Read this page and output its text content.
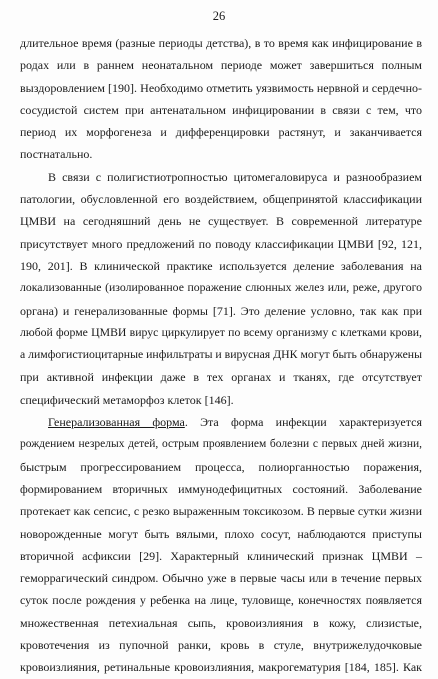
26
длительное время (разные периоды детства), в то время как инфицирование в
родах или в раннем неонатальном периоде может завершиться полным
выздоровлением [190]. Необходимо отметить уязвимость нервной и сердечно-
сосудистой систем при антенатальном инфицировании в связи с тем, что
период их морфогенеза и дифференцировки растянут, и заканчивается
постнатально.
В связи с полигистиотропностью цитомегаловируса и разнообразием
патологии, обусловленной его воздействием, общепринятой классификации
ЦМВИ на сегодняшний день не существует. В современной литературе
присутствует много предложений по поводу классификации ЦМВИ [92, 121,
190, 201]. В клинической практике используется деление заболевания на
локализованные (изолированное поражение слюнных желез или, реже, другого
органа) и генерализованные формы [71]. Это деление условно, так как при
любой форме ЦМВИ вирус циркулирует по всему организму с клетками крови,
а лимфогистиоцитарные инфильтраты и вирусная ДНК могут быть обнаружены
при активной инфекции даже в тех органах и тканях, где отсутствует
специфический метаморфоз клеток [146].
Генерализованная форма. Эта форма инфекции характеризуется
рождением незрелых детей, острым проявлением болезни с первых дней жизни,
быстрым прогрессированием процесса, полиорганностью поражения,
формированием вторичных иммунодефицитных состояний. Заболевание
протекает как сепсис, с резко выраженным токсикозом. В первые сутки жизни
новорожденные могут быть вялыми, плохо сосут, наблюдаются приступы
вторичной асфиксии [29]. Характерный клинический признак ЦМВИ –
геморрагический синдром. Обычно уже в первые часы или в течение первых
суток после рождения у ребенка на лице, туловище, конечностях появляется
множественная петехиальная сыпь, кровоизлияния в кожу, слизистые,
кровотечения из пупочной ранки, кровь в стуле, внутрижелудочковые
кровоизлияния, ретинальные кровоизлияния, макрогематурия [184, 185]. Как
